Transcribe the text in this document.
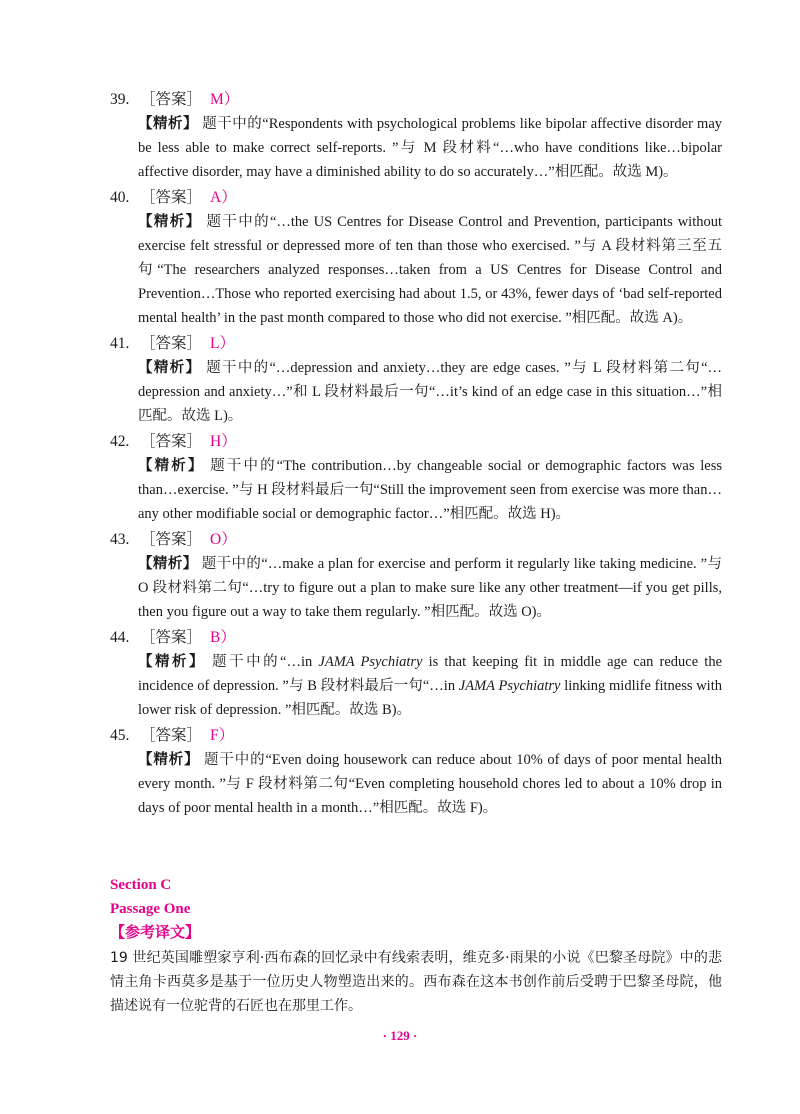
39. ［答案］ M）
【精析】 题干中的“Respondents with psychological problems like bipolar affective disorder may be less able to make correct self-reports. ”与 M 段材料“…who have conditions like…bipolar affective disorder, may have a diminished ability to do so accurately…”相匹配。故选 M)。
40. ［答案］ A）
【精析】 题干中的“…the US Centres for Disease Control and Prevention, participants without exercise felt stressful or depressed more of ten than those who exercised. ”与 A 段材料第三至五句“The researchers analyzed responses…taken from a US Centres for Disease Control and Prevention…Those who reported exercising had about 1.5, or 43%, fewer days of ‘bad self-reported mental health’ in the past month compared to those who did not exercise. ”相匹配。故选 A)。
41. ［答案］ L）
【精析】 题干中的“…depression and anxiety…they are edge cases. ”与 L 段材料第二句“…depression and anxiety…”和 L 段材料最后一句“…it’s kind of an edge case in this situation…”相匹配。故选 L)。
42. ［答案］ H）
【精析】 题干中的“The contribution…by changeable social or demographic factors was less than…exercise. ”与 H 段材料最后一句“Still the improvement seen from exercise was more than…any other modifiable social or demographic factor…”相匹配。故选 H)。
43. ［答案］ O）
【精析】 题干中的“…make a plan for exercise and perform it regularly like taking medicine. ”与 O 段材料第二句“…try to figure out a plan to make sure like any other treatment—if you get pills, then you figure out a way to take them regularly. ”相匹配。故选 O)。
44. ［答案］ B）
【精析】 题干中的“…in JAMA Psychiatry is that keeping fit in middle age can reduce the incidence of depression. ”与 B 段材料最后一句“…in JAMA Psychiatry linking midlife fitness with lower risk of depression. ”相匹配。故选 B)。
45. ［答案］ F）
【精析】 题干中的“Even doing housework can reduce about 10% of days of poor mental health every month. ”与 F 段材料第二句“Even completing household chores led to about a 10% drop in days of poor mental health in a month…”相匹配。故选 F)。
Section C
Passage One
【参考译文】
19 世纪英国雕塑家亨利·西布森的回忆录中有线索表明，维克多·雨果的小说《巴黎圣母院》中的悲情主角卡西莫多是基于一位历史人物塑造出来的。西布森在这本书创作前后受聘于巴黎圣母院，他描述说有一位驼背的石匠也在那里工作。
· 129 ·
